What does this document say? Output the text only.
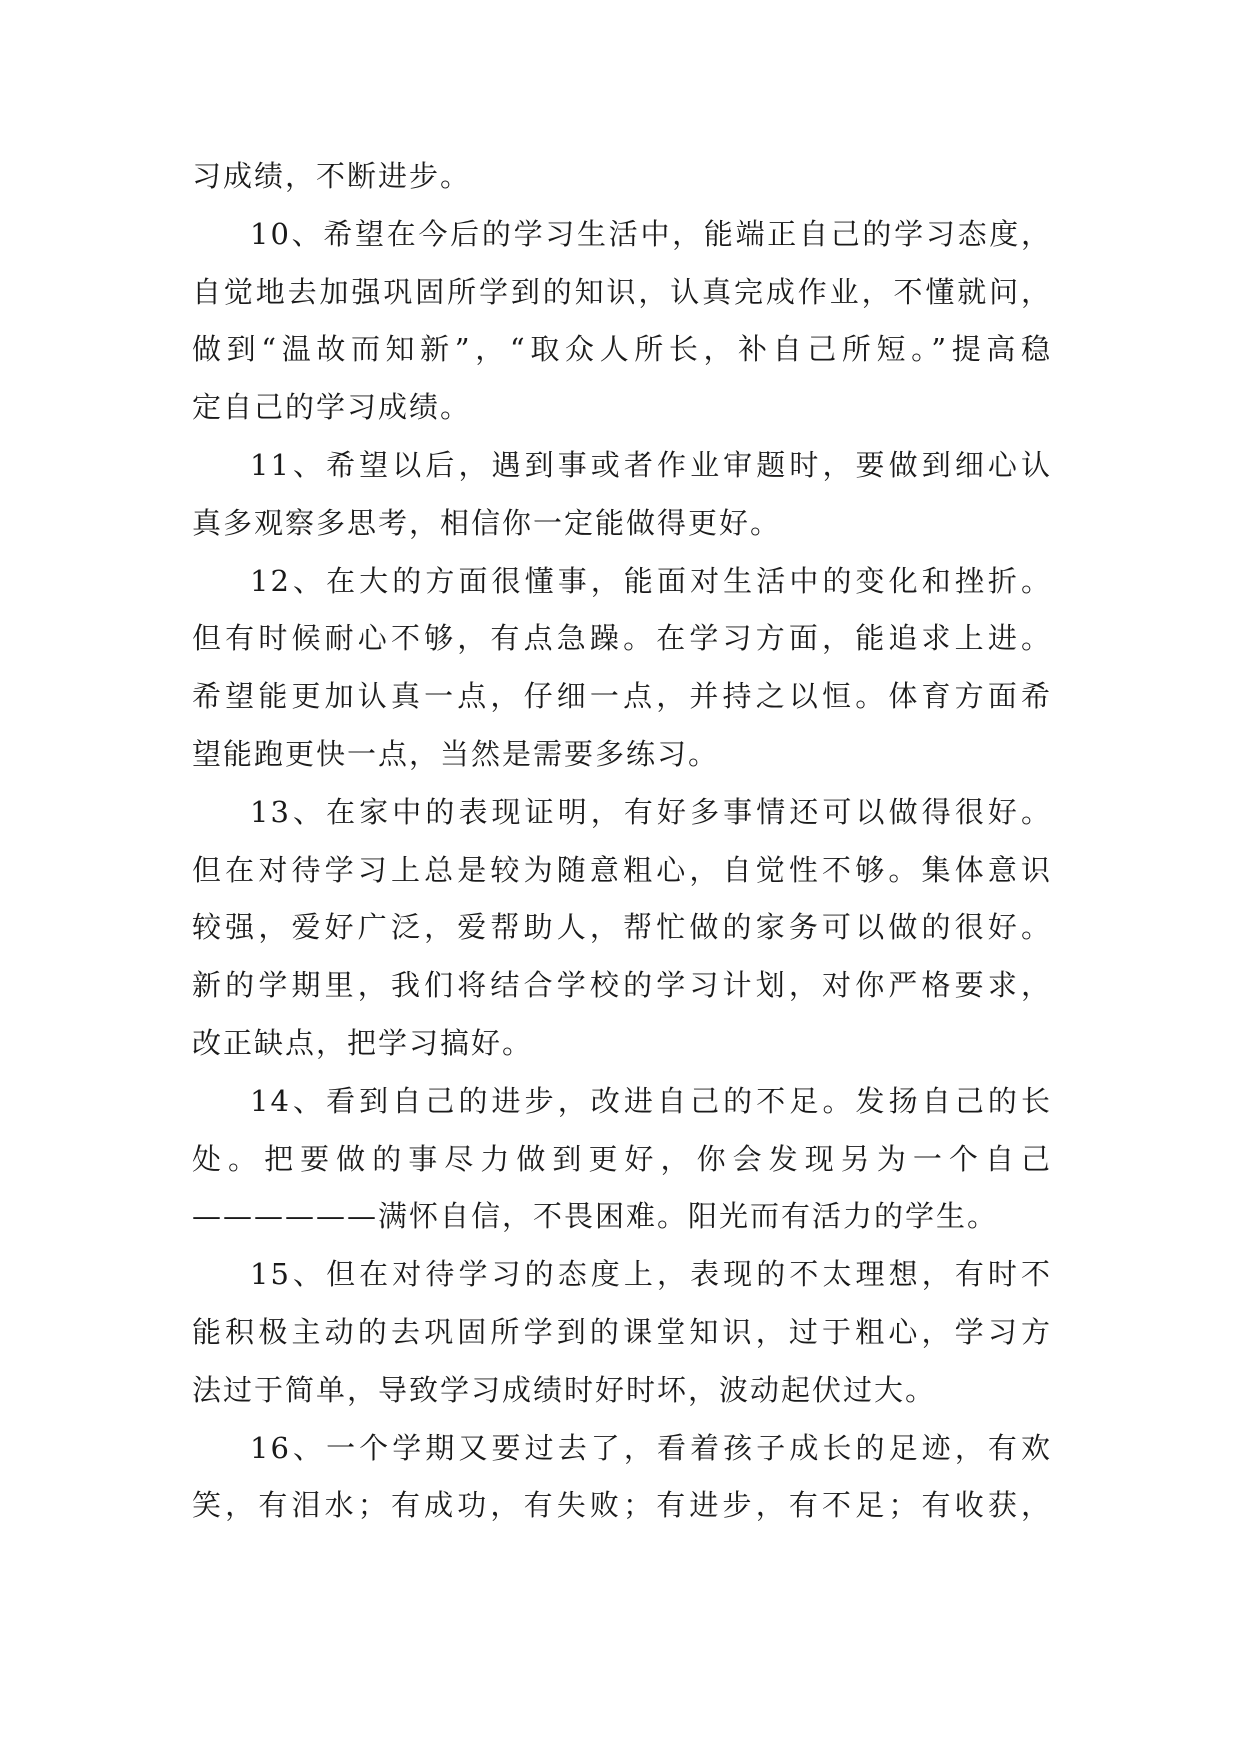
习成绩，不断进步。
10、希望在今后的学习生活中，能端正自己的学习态度，
自觉地去加强巩固所学到的知识，认真完成作业，不懂就问，
做到“温故而知新”，“取众人所长，补自己所短。”提高稳
定自己的学习成绩。
11、希望以后，遇到事或者作业审题时，要做到细心认
真多观察多思考，相信你一定能做得更好。
12、在大的方面很懂事，能面对生活中的变化和挫折。
但有时候耐心不够，有点急躁。在学习方面，能追求上进。
希望能更加认真一点，仔细一点，并持之以恒。体育方面希
望能跑更快一点，当然是需要多练习。
13、在家中的表现证明，有好多事情还可以做得很好。
但在对待学习上总是较为随意粗心，自觉性不够。集体意识
较强，爱好广泛，爱帮助人，帮忙做的家务可以做的很好。
新的学期里，我们将结合学校的学习计划，对你严格要求，
改正缺点，把学习搞好。
14、看到自己的进步，改进自己的不足。发扬自己的长
处。把要做的事尽力做到更好，你会发现另为一个自己
——————满怀自信，不畏困难。阳光而有活力的学生。
15、但在对待学习的态度上，表现的不太理想，有时不
能积极主动的去巩固所学到的课堂知识，过于粗心，学习方
法过于简单，导致学习成绩时好时坏，波动起伏过大。
16、一个学期又要过去了，看着孩子成长的足迹，有欢
笑，有泪水；有成功，有失败；有进步，有不足；有收获，
